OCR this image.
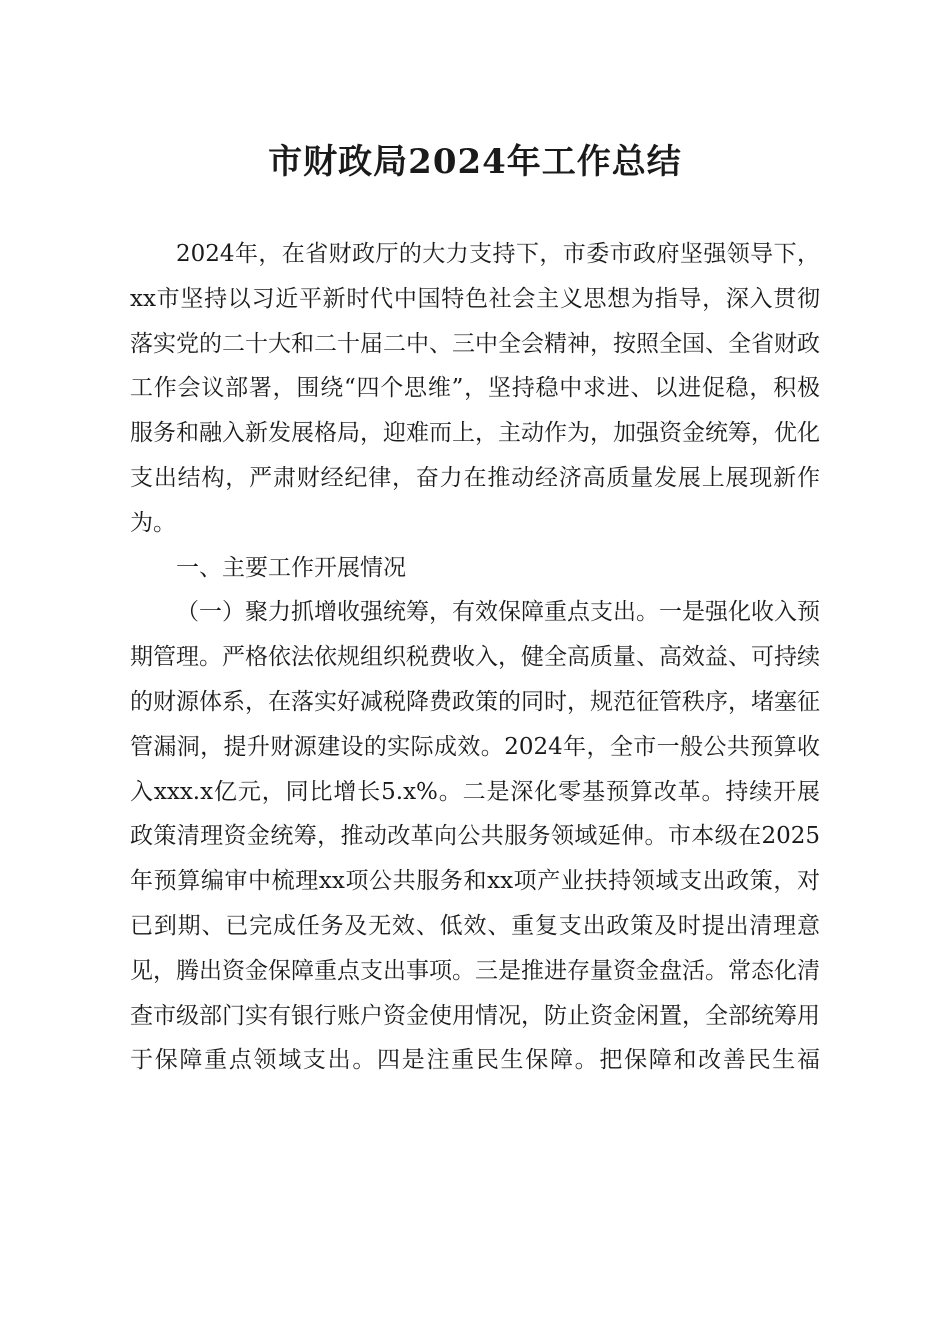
市财政局2024年工作总结

2024年，在省财政厅的大力支持下，市委市政府坚强领导下，xx市坚持以习近平新时代中国特色社会主义思想为指导，深入贯彻落实党的二十大和二十届二中、三中全会精神，按照全国、全省财政工作会议部署，围绕“四个思维”，坚持稳中求进、以进促稳，积极服务和融入新发展格局，迎难而上，主动作为，加强资金统筹，优化支出结构，严肃财经纪律，奋力在推动经济高质量发展上展现新作为。

一、主要工作开展情况

（一）聚力抓增收强统筹，有效保障重点支出。一是强化收入预期管理。严格依法依规组织税费收入，健全高质量、高效益、可持续的财源体系，在落实好减税降费政策的同时，规范征管秩序，堵塞征管漏洞，提升财源建设的实际成效。2024年，全市一般公共预算收入xxx.x亿元，同比增长5.x%。二是深化零基预算改革。持续开展政策清理资金统筹，推动改革向公共服务领域延伸。市本级在2025年预算编审中梳理xx项公共服务和xx项产业扶持领域支出政策，对已到期、已完成任务及无效、低效、重复支出政策及时提出清理意见，腾出资金保障重点支出事项。三是推进存量资金盘活。常态化清查市级部门实有银行账户资金使用情况，防止资金闲置，全部统筹用于保障重点领域支出。四是注重民生保障。把保障和改善民生福
